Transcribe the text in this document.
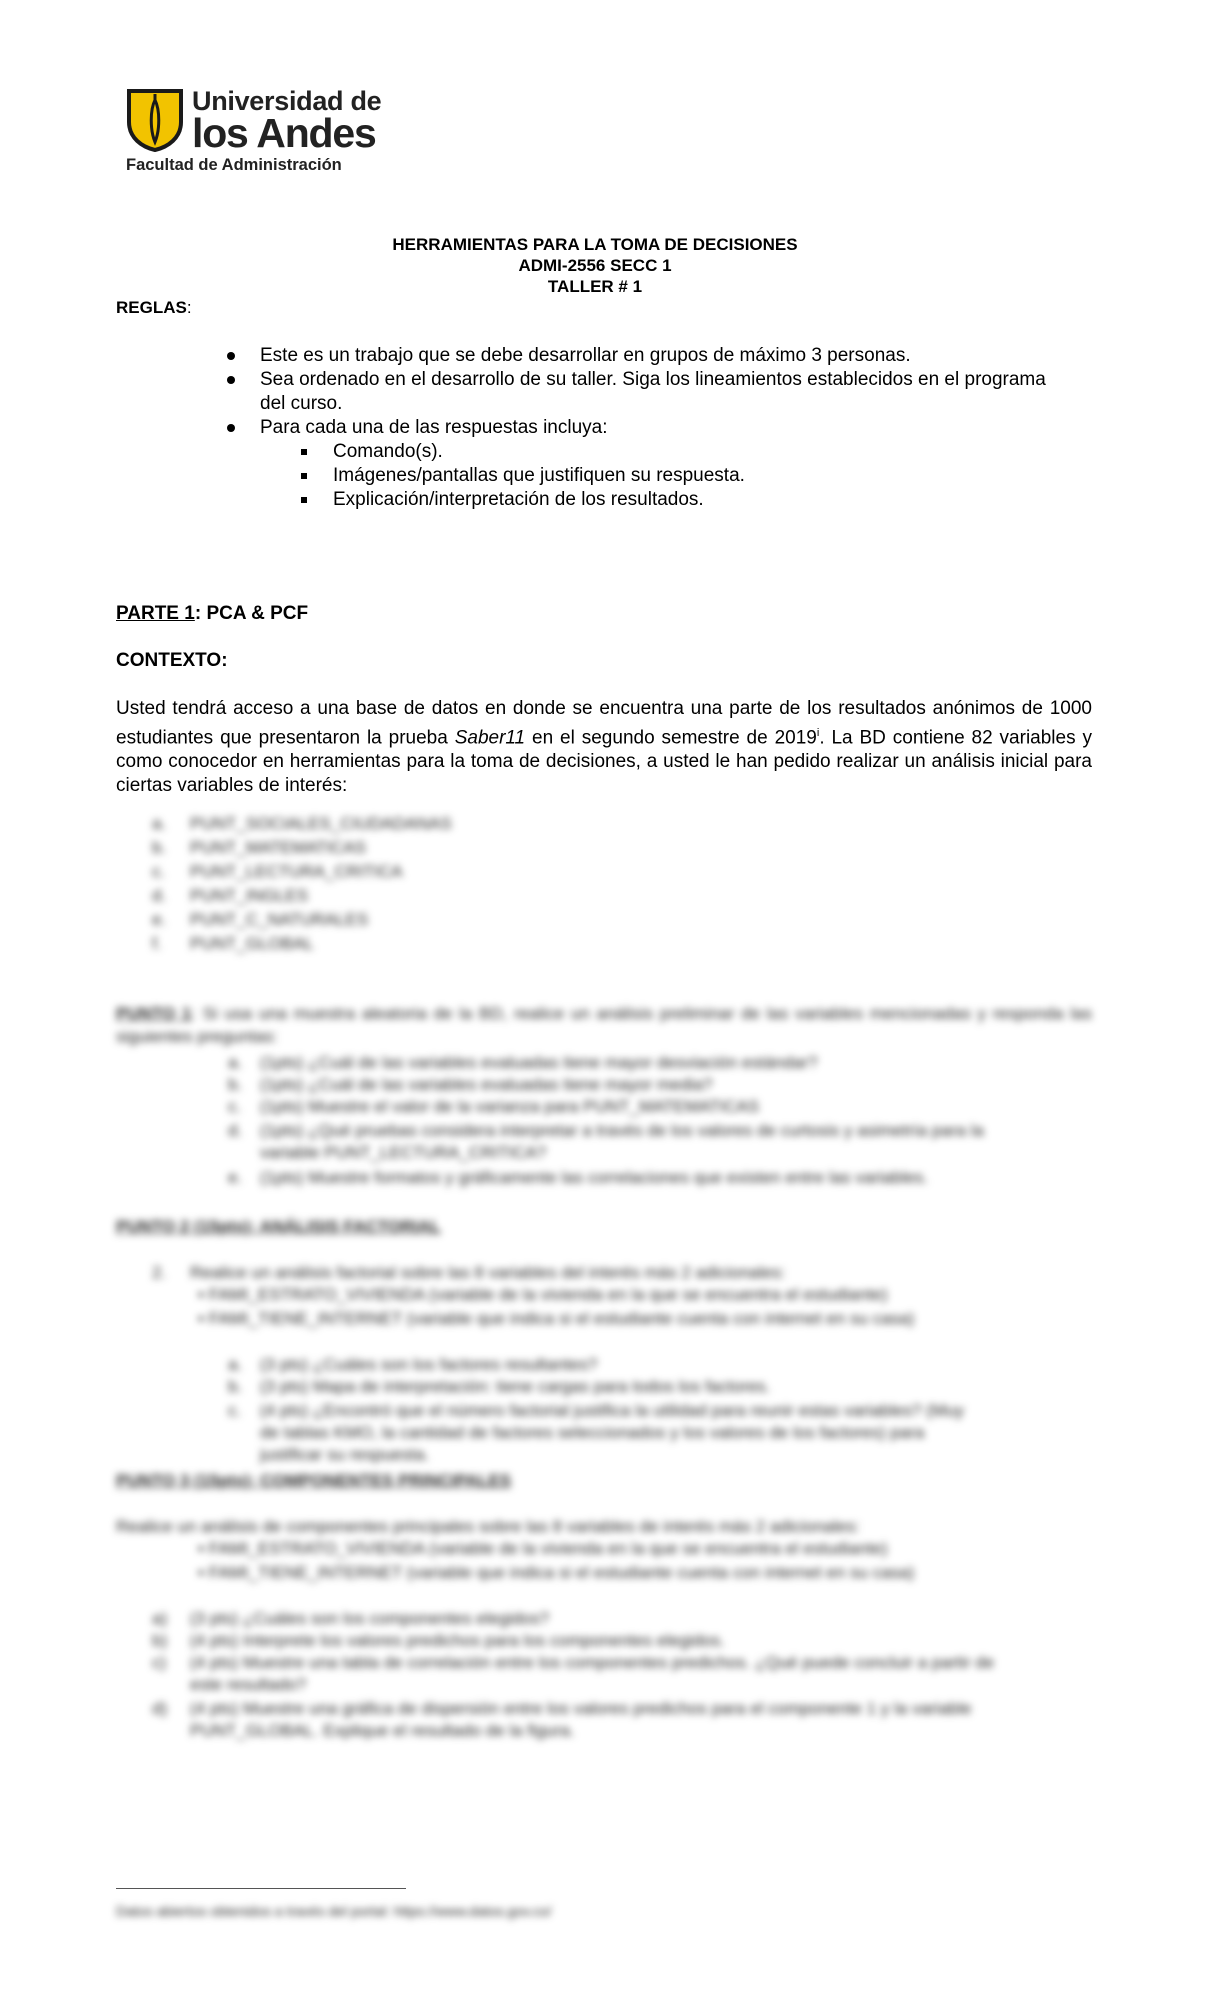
Universidad de
los Andes
Facultad de Administración
HERRAMIENTAS PARA LA TOMA DE DECISIONES
ADMI-2556 SECC 1
TALLER # 1
REGLAS:
Este es un trabajo que se debe desarrollar en grupos de máximo 3 personas.
Sea ordenado en el desarrollo de su taller. Siga los lineamientos establecidos en el programa
del curso.
Para cada una de las respuestas incluya:
Comando(s).
Imágenes/pantallas que justifiquen su respuesta.
Explicación/interpretación de los resultados.
PARTE 1: PCA & PCF
CONTEXTO:
Usted tendrá acceso a una base de datos en donde se encuentra una parte de los resultados anónimos de 1000 estudiantes que presentaron la prueba Saber11 en el segundo semestre de 2019$^i$. La BD contiene 82 variables y como conocedor en herramientas para la toma de decisiones, a usted le han pedido realizar un análisis inicial para ciertas variables de interés:
a. PUNT_SOCIALES_CIUDADANAS
b. PUNT_MATEMATICAS
c. PUNT_LECTURA_CRITICA
d. PUNT_INGLES
e. PUNT_C_NATURALES
f. PUNT_GLOBAL
PUNTO 1: Si usa una muestra aleatoria de la BD, realice un análisis preliminar de las variables mencionadas y responda las siguientes preguntas:
a. (1pts) ¿Cuál de las variables evaluadas tiene mayor desviación estándar?
b. (1pts) ¿Cuál de las variables evaluadas tiene mayor media?
c. (1pts) Muestre el valor de la varianza para PUNT_MATEMATICAS
d. (1pts) ¿Qué pruebas considera interpretar a través de los valores de curtosis y asimetría para la
variable PUNT_LECTURA_CRITICA?
e. (1pts) Muestre formatos y gráficamente las correlaciones que existen entre las variables.
PUNTO 2 (15pts): ANÁLISIS FACTORIAL
2. Realice un análisis factorial sobre las 8 variables del interés más 2 adicionales:
▪ FAMI_ESTRATO_VIVIENDA (variable de la vivienda en la que se encuentra el estudiante)
▪ FAMI_TIENE_INTERNET (variable que indica si el estudiante cuenta con internet en su casa)
a. (3 pts) ¿Cuáles son los factores resultantes?
b. (3 pts) Mapa de interpretación: tiene cargas para todos los factores.
c. (4 pts) ¿Encontró que el número factorial justifica la utilidad para reunir estas variables? (Muy
de tablas KMO, la cantidad de factores seleccionados y los valores de los factores) para
justificar su respuesta.
PUNTO 3 (15pts): COMPONENTES PRINCIPALES
Realice un análisis de componentes principales sobre las 8 variables de interés más 2 adicionales:
▪ FAMI_ESTRATO_VIVIENDA (variable de la vivienda en la que se encuentra el estudiante)
▪ FAMI_TIENE_INTERNET (variable que indica si el estudiante cuenta con internet en su casa)
a) (3 pts) ¿Cuáles son los componentes elegidos?
b) (4 pts) Interprete los valores predichos para los componentes elegidos.
c) (4 pts) Muestre una tabla de correlación entre los componentes predichos. ¿Qué puede concluir a partir de
este resultado?
d) (4 pts) Muestre una gráfica de dispersión entre los valores predichos para el componente 1 y la variable
PUNT_GLOBAL. Explique el resultado de la figura.
Datos abiertos obtenidos a través del portal: https://www.datos.gov.co/
